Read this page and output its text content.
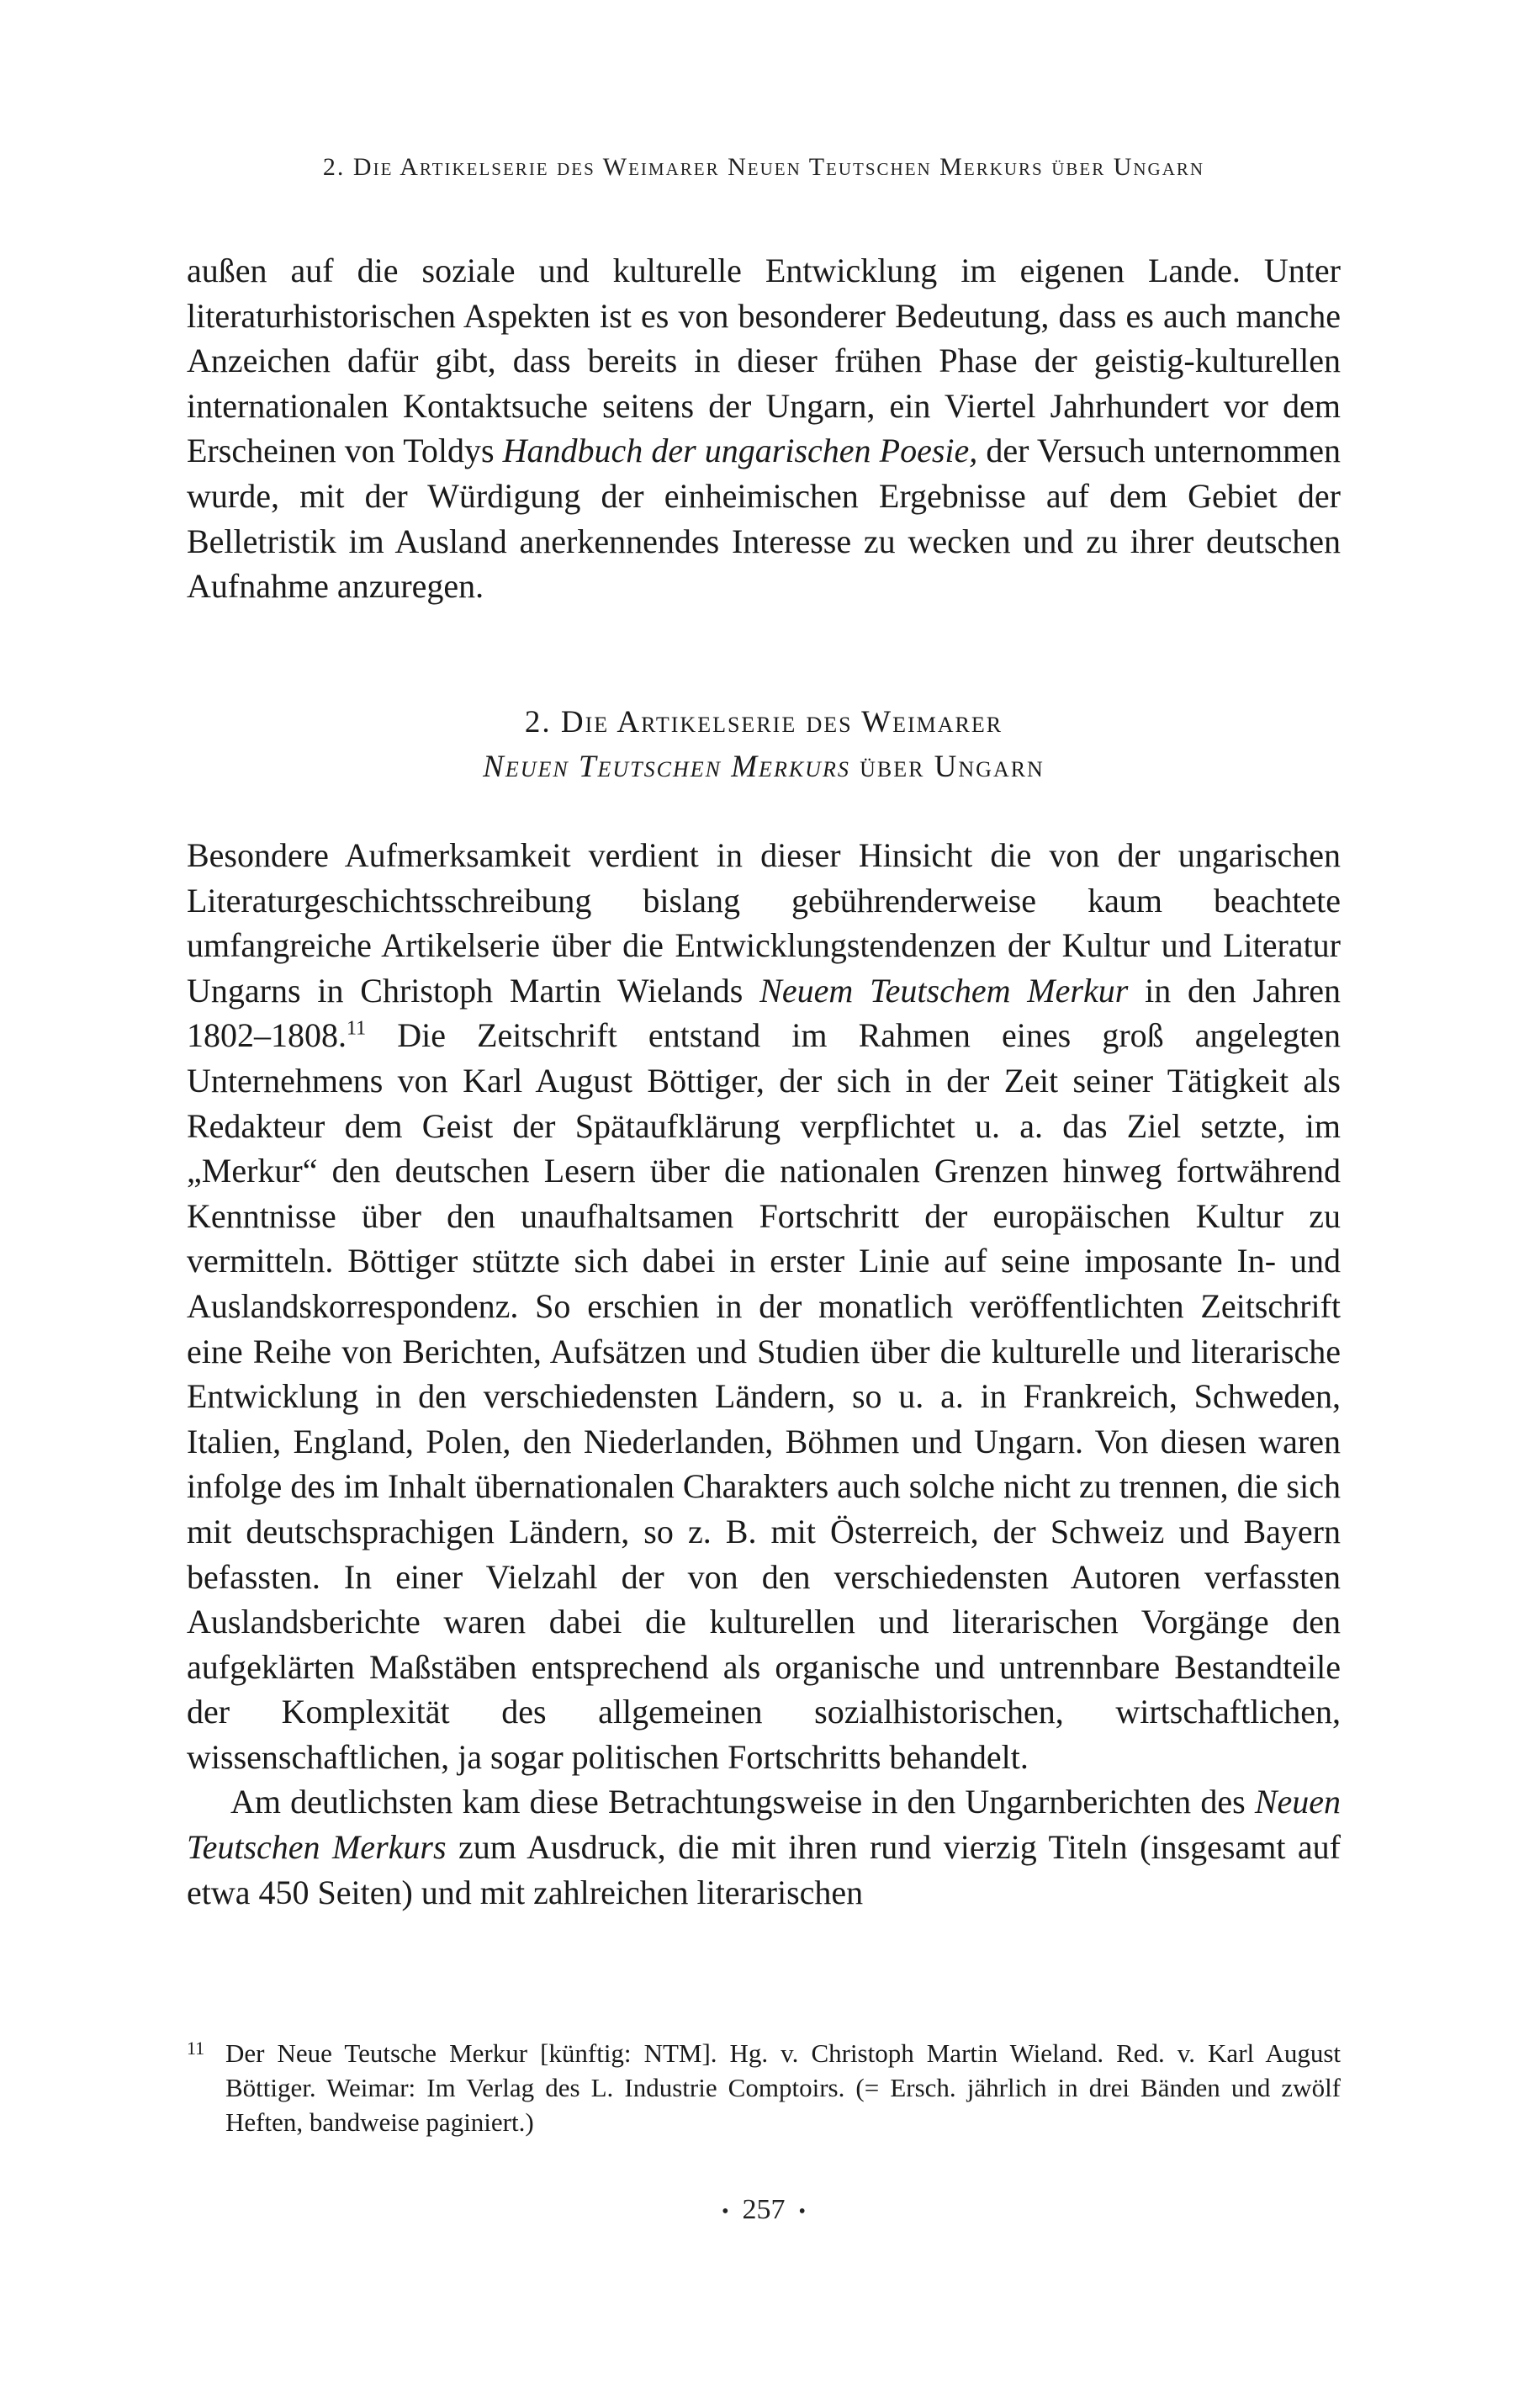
2. Die Artikelserie des Weimarer Neuen Teutschen Merkurs über Ungarn

außen auf die soziale und kulturelle Entwicklung im eigenen Lande. Unter literaturhistorischen Aspekten ist es von besonderer Bedeutung, dass es auch manche Anzeichen dafür gibt, dass bereits in dieser frühen Phase der geistig-kulturellen internationalen Kontaktsuche seitens der Ungarn, ein Viertel Jahrhundert vor dem Erscheinen von Toldys Handbuch der ungarischen Poesie, der Versuch unternommen wurde, mit der Würdigung der einheimischen Ergebnisse auf dem Gebiet der Belletristik im Ausland anerkennendes Interesse zu wecken und zu ihrer deutschen Aufnahme anzuregen.

2. Die Artikelserie des Weimarer
Neuen Teutschen Merkurs über Ungarn

Besondere Aufmerksamkeit verdient in dieser Hinsicht die von der ungarischen Literaturgeschichtsschreibung bislang gebührenderweise kaum beachtete umfangreiche Artikelserie über die Entwicklungstendenzen der Kultur und Literatur Ungarns in Christoph Martin Wielands Neuem Teutschem Merkur in den Jahren 1802–1808.11 Die Zeitschrift entstand im Rahmen eines groß angelegten Unternehmens von Karl August Böttiger, der sich in der Zeit seiner Tätigkeit als Redakteur dem Geist der Spätaufklärung verpflichtet u. a. das Ziel setzte, im „Merkur“ den deutschen Lesern über die nationalen Grenzen hinweg fortwährend Kenntnisse über den unaufhaltsamen Fortschritt der europäischen Kultur zu vermitteln. Böttiger stützte sich dabei in erster Linie auf seine imposante In- und Auslandskorrespondenz. So erschien in der monatlich veröffentlichten Zeitschrift eine Reihe von Berichten, Aufsätzen und Studien über die kulturelle und literarische Entwicklung in den verschiedensten Ländern, so u. a. in Frankreich, Schweden, Italien, England, Polen, den Niederlanden, Böhmen und Ungarn. Von diesen waren infolge des im Inhalt übernationalen Charakters auch solche nicht zu trennen, die sich mit deutschsprachigen Ländern, so z. B. mit Österreich, der Schweiz und Bayern befassten. In einer Vielzahl der von den verschiedensten Autoren verfassten Auslandsberichte waren dabei die kulturellen und literarischen Vorgänge den aufgeklärten Maßstäben entsprechend als organische und untrennbare Bestandteile der Komplexität des allgemeinen sozialhistorischen, wirtschaftlichen, wissenschaftlichen, ja sogar politischen Fortschritts behandelt.

Am deutlichsten kam diese Betrachtungsweise in den Ungarnberichten des Neuen Teutschen Merkurs zum Ausdruck, die mit ihren rund vierzig Titeln (insgesamt auf etwa 450 Seiten) und mit zahlreichen literarischen

11 Der Neue Teutsche Merkur [künftig: NTM]. Hg. v. Christoph Martin Wieland. Red. v. Karl August Böttiger. Weimar: Im Verlag des L. Industrie Comptoirs. (= Ersch. jährlich in drei Bänden und zwölf Heften, bandweise paginiert.)
• 257 •
